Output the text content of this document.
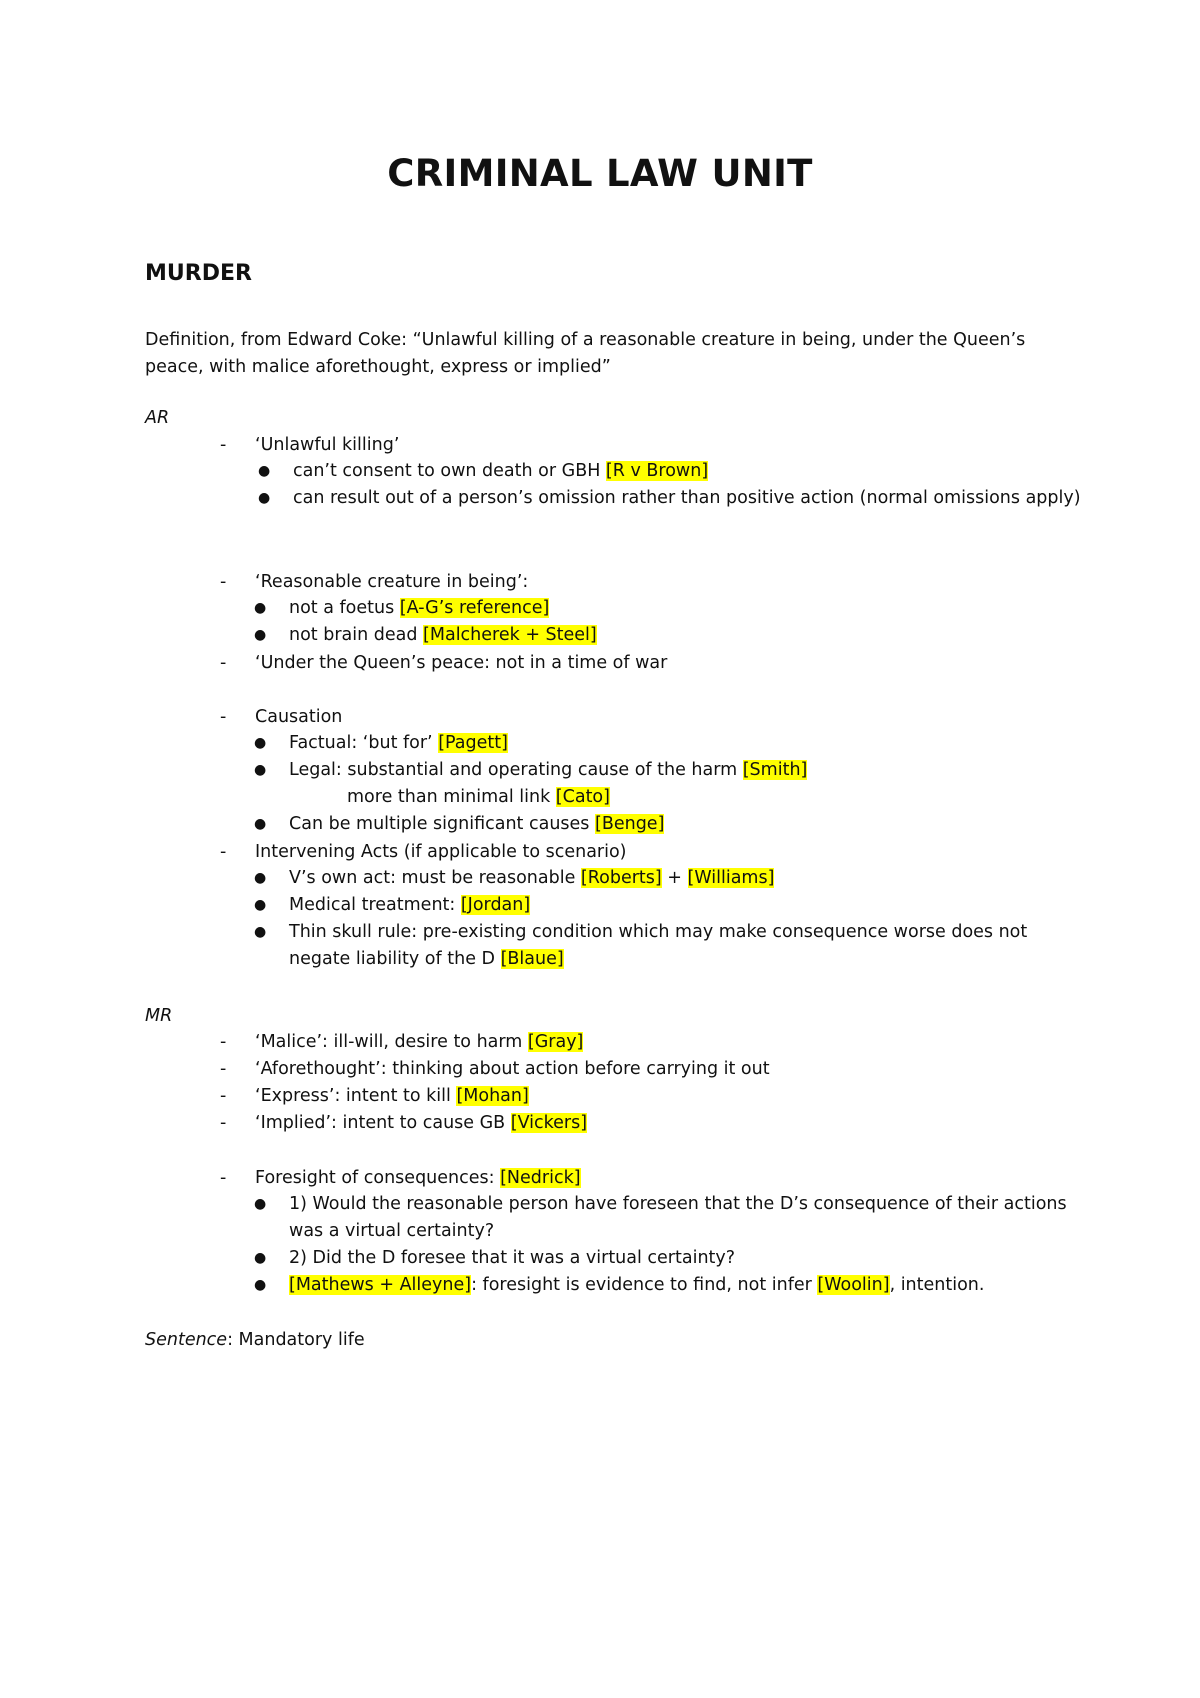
CRIMINAL LAW UNIT
MURDER
Definition, from Edward Coke: “Unlawful killing of a reasonable creature in being, under the Queen’s peace, with malice aforethought, express or implied”
AR
- ‘Unlawful killing’
● can’t consent to own death or GBH [R v Brown]
● can result out of a person’s omission rather than positive action (normal omissions apply)
- ‘Reasonable creature in being’:
● not a foetus [A-G’s reference]
● not brain dead [Malcherek + Steel]
- ‘Under the Queen’s peace: not in a time of war
- Causation
● Factual: ‘but for’ [Pagett]
● Legal: substantial and operating cause of the harm [Smith]
more than minimal link [Cato]
● Can be multiple significant causes [Benge]
- Intervening Acts (if applicable to scenario)
● V’s own act: must be reasonable [Roberts] + [Williams]
● Medical treatment: [Jordan]
● Thin skull rule: pre-existing condition which may make consequence worse does not negate liability of the D [Blaue]
MR
- ‘Malice’: ill-will, desire to harm [Gray]
- ‘Aforethought’: thinking about action before carrying it out
- ‘Express’: intent to kill [Mohan]
- ‘Implied’: intent to cause GB [Vickers]
- Foresight of consequences: [Nedrick]
● 1) Would the reasonable person have foreseen that the D’s consequence of their actions was a virtual certainty?
● 2) Did the D foresee that it was a virtual certainty?
● [Mathews + Alleyne]: foresight is evidence to find, not infer [Woolin], intention.
Sentence: Mandatory life
